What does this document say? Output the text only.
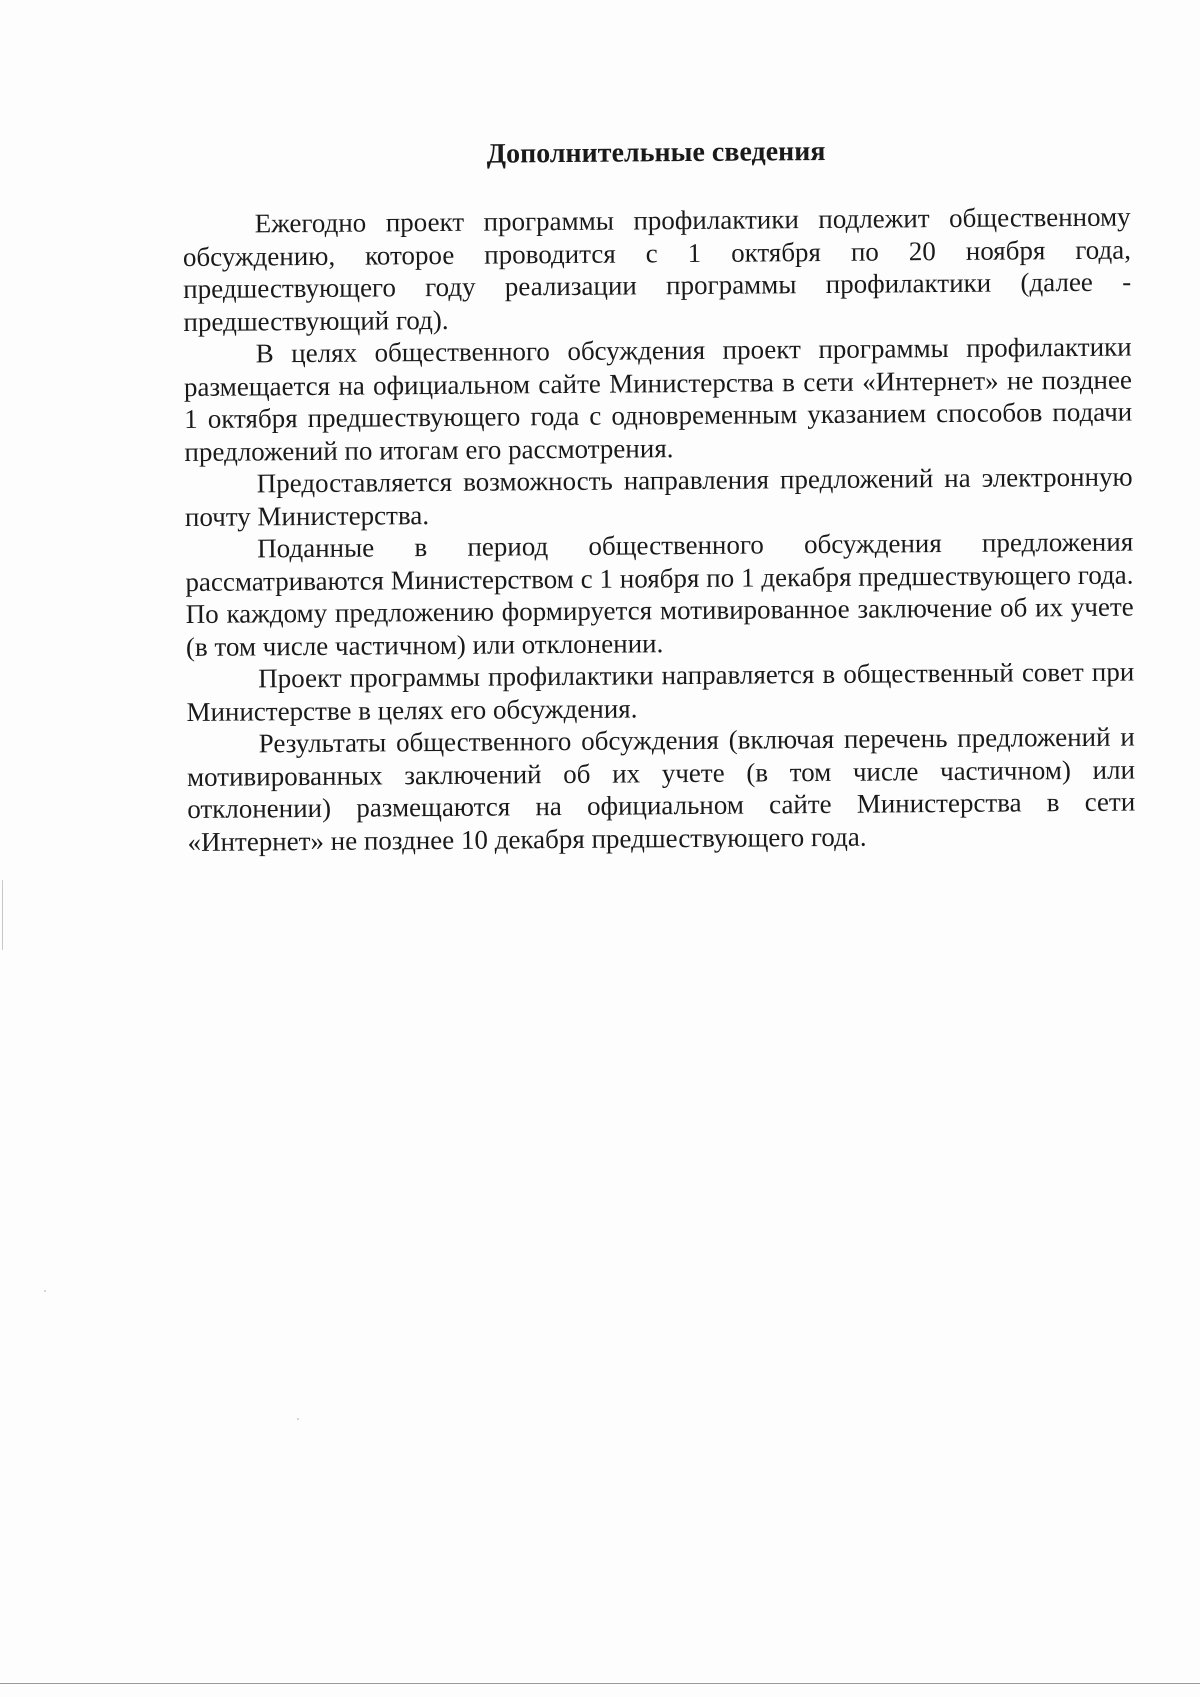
Дополнительные сведения

Ежегодно проект программы профилактики подлежит общественному обсуждению, которое проводится с 1 октября по 20 ноября года, предшествующего году реализации программы профилактики (далее - предшествующий год).

В целях общественного обсуждения проект программы профилактики размещается на официальном сайте Министерства в сети «Интернет» не позднее 1 октября предшествующего года с одновременным указанием способов подачи предложений по итогам его рассмотрения.

Предоставляется возможность направления предложений на электронную почту Министерства.

Поданные в период общественного обсуждения предложения рассматриваются Министерством с 1 ноября по 1 декабря предшествующего года. По каждому предложению формируется мотивированное заключение об их учете (в том числе частичном) или отклонении.

Проект программы профилактики направляется в общественный совет при Министерстве в целях его обсуждения.

Результаты общественного обсуждения (включая перечень предложений и мотивированных заключений об их учете (в том числе частичном) или отклонении) размещаются на официальном сайте Министерства в сети «Интернет» не позднее 10 декабря предшествующего года.
